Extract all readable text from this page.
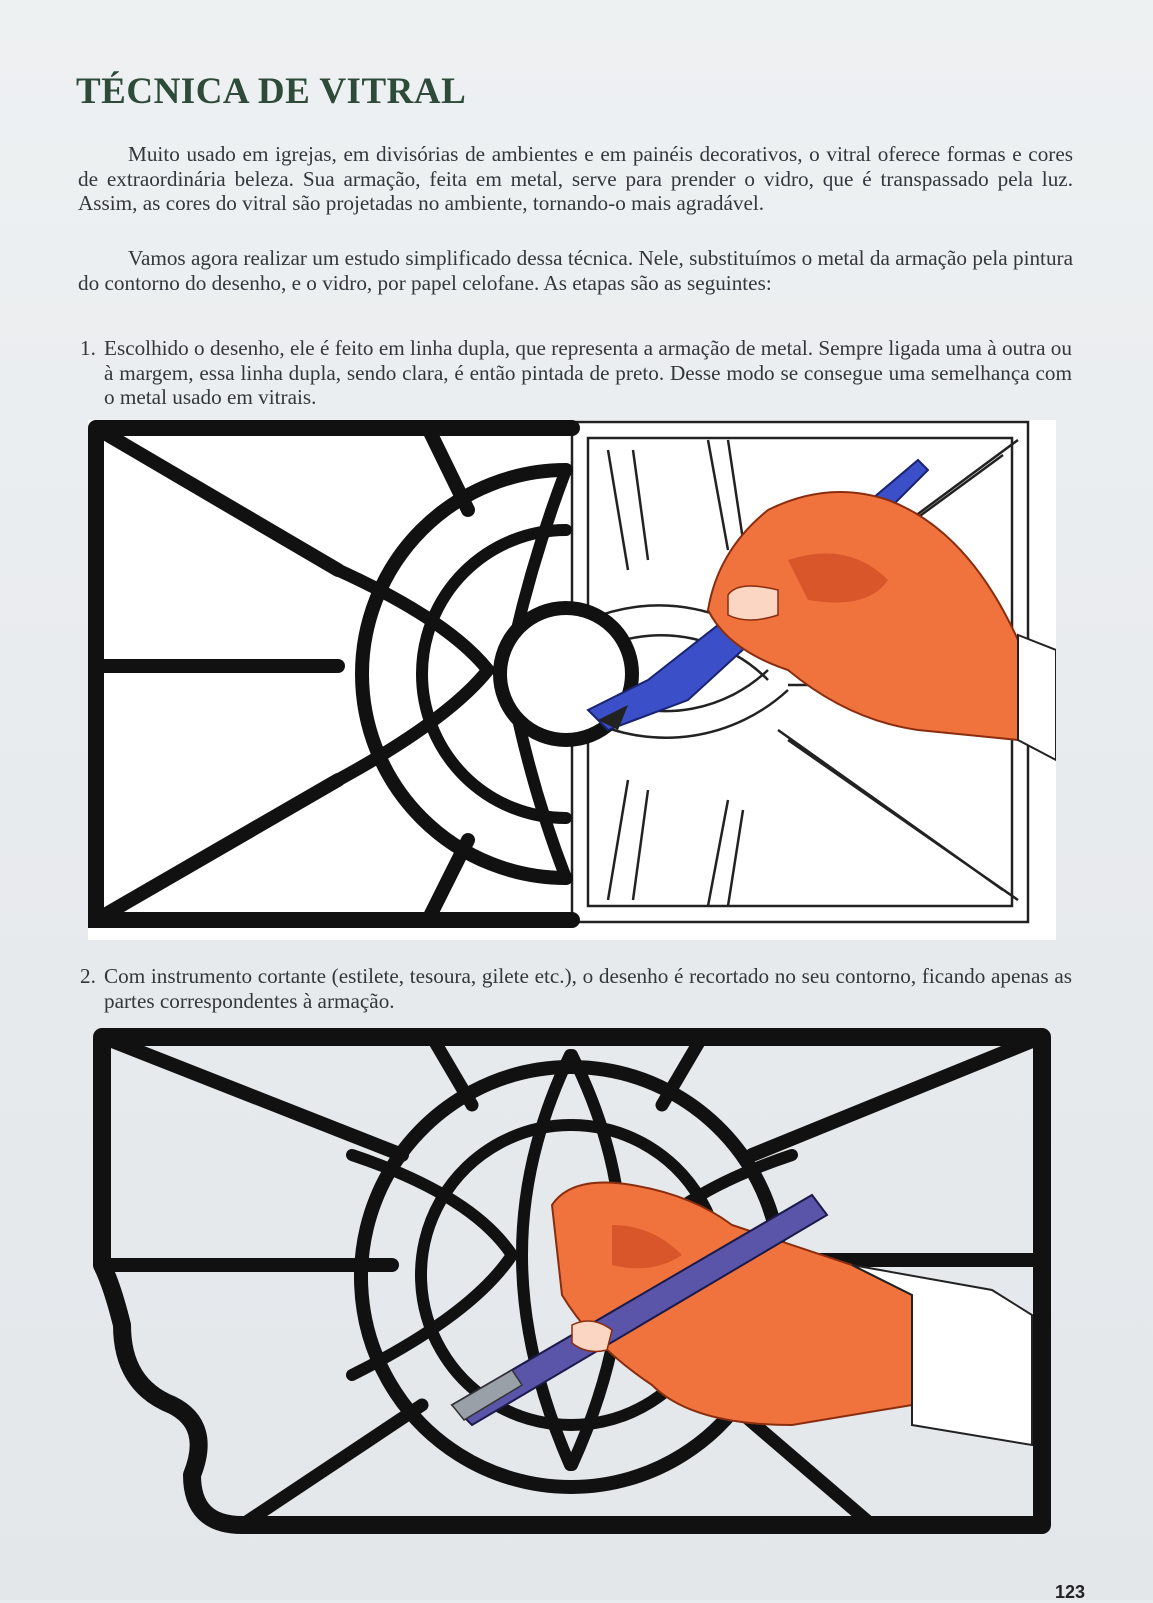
TÉCNICA DE VITRAL

Muito usado em igrejas, em divisórias de ambientes e em painéis decorativos, o vitral oferece formas e cores de extraordinária beleza. Sua armação, feita em metal, serve para prender o vidro, que é transpassado pela luz. Assim, as cores do vitral são projetadas no ambiente, tornando-o mais agradável.

Vamos agora realizar um estudo simplificado dessa técnica. Nele, substituímos o metal da armação pela pintura do contorno do desenho, e o vidro, por papel celofane. As etapas são as seguintes:

1. Escolhido o desenho, ele é feito em linha dupla, que representa a armação de metal. Sempre ligada uma à outra ou à margem, essa linha dupla, sendo clara, é então pintada de preto. Desse modo se consegue uma semelhança com o metal usado em vitrais.
2. Com instrumento cortante (estilete, tesoura, gilete etc.), o desenho é recortado no seu contorno, ficando apenas as partes correspondentes à armação.
123
